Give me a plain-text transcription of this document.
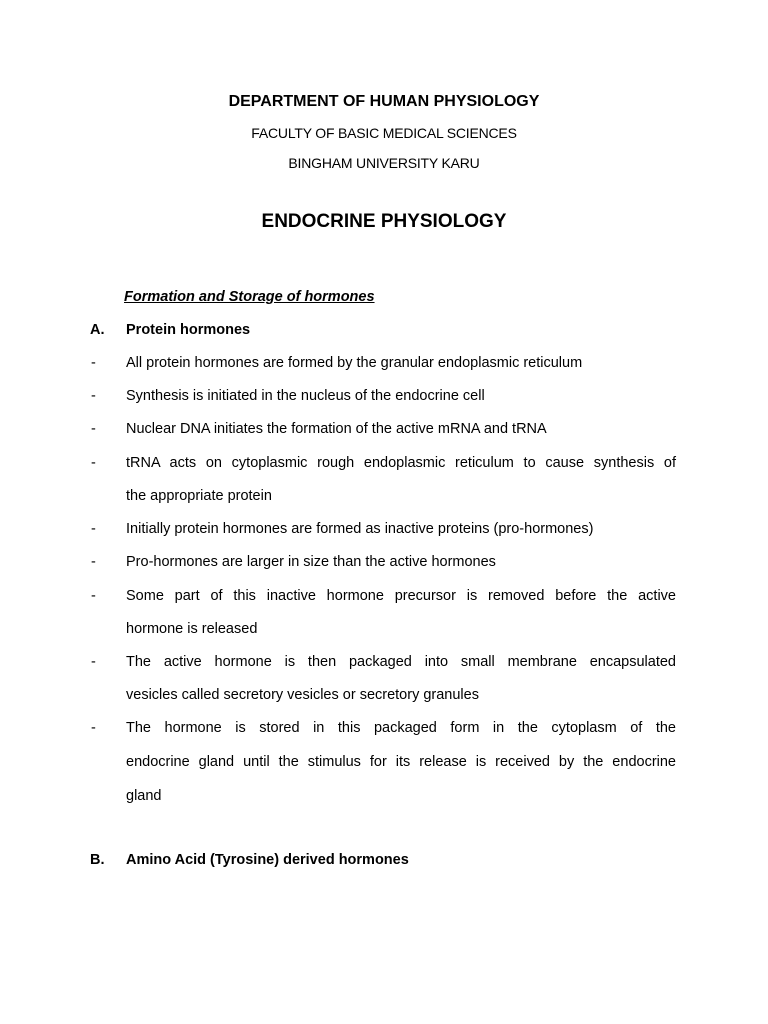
DEPARTMENT OF HUMAN PHYSIOLOGY
FACULTY OF BASIC MEDICAL SCIENCES
BINGHAM UNIVERSITY KARU
ENDOCRINE PHYSIOLOGY
Formation and Storage of hormones
A. Protein hormones
- All protein hormones are formed by the granular endoplasmic reticulum
- Synthesis is initiated in the nucleus of the endocrine cell
- Nuclear DNA initiates the formation of the active mRNA and tRNA
- tRNA acts on cytoplasmic rough endoplasmic reticulum to cause synthesis of
the appropriate protein
- Initially protein hormones are formed as inactive proteins (pro-hormones)
- Pro-hormones are larger in size than the active hormones
- Some part of this inactive hormone precursor is removed before the active
hormone is released
- The active hormone is then packaged into small membrane encapsulated
vesicles called secretory vesicles or secretory granules
- The hormone is stored in this packaged form in the cytoplasm of the
endocrine gland until the stimulus for its release is received by the endocrine
gland
B. Amino Acid (Tyrosine) derived hormones
